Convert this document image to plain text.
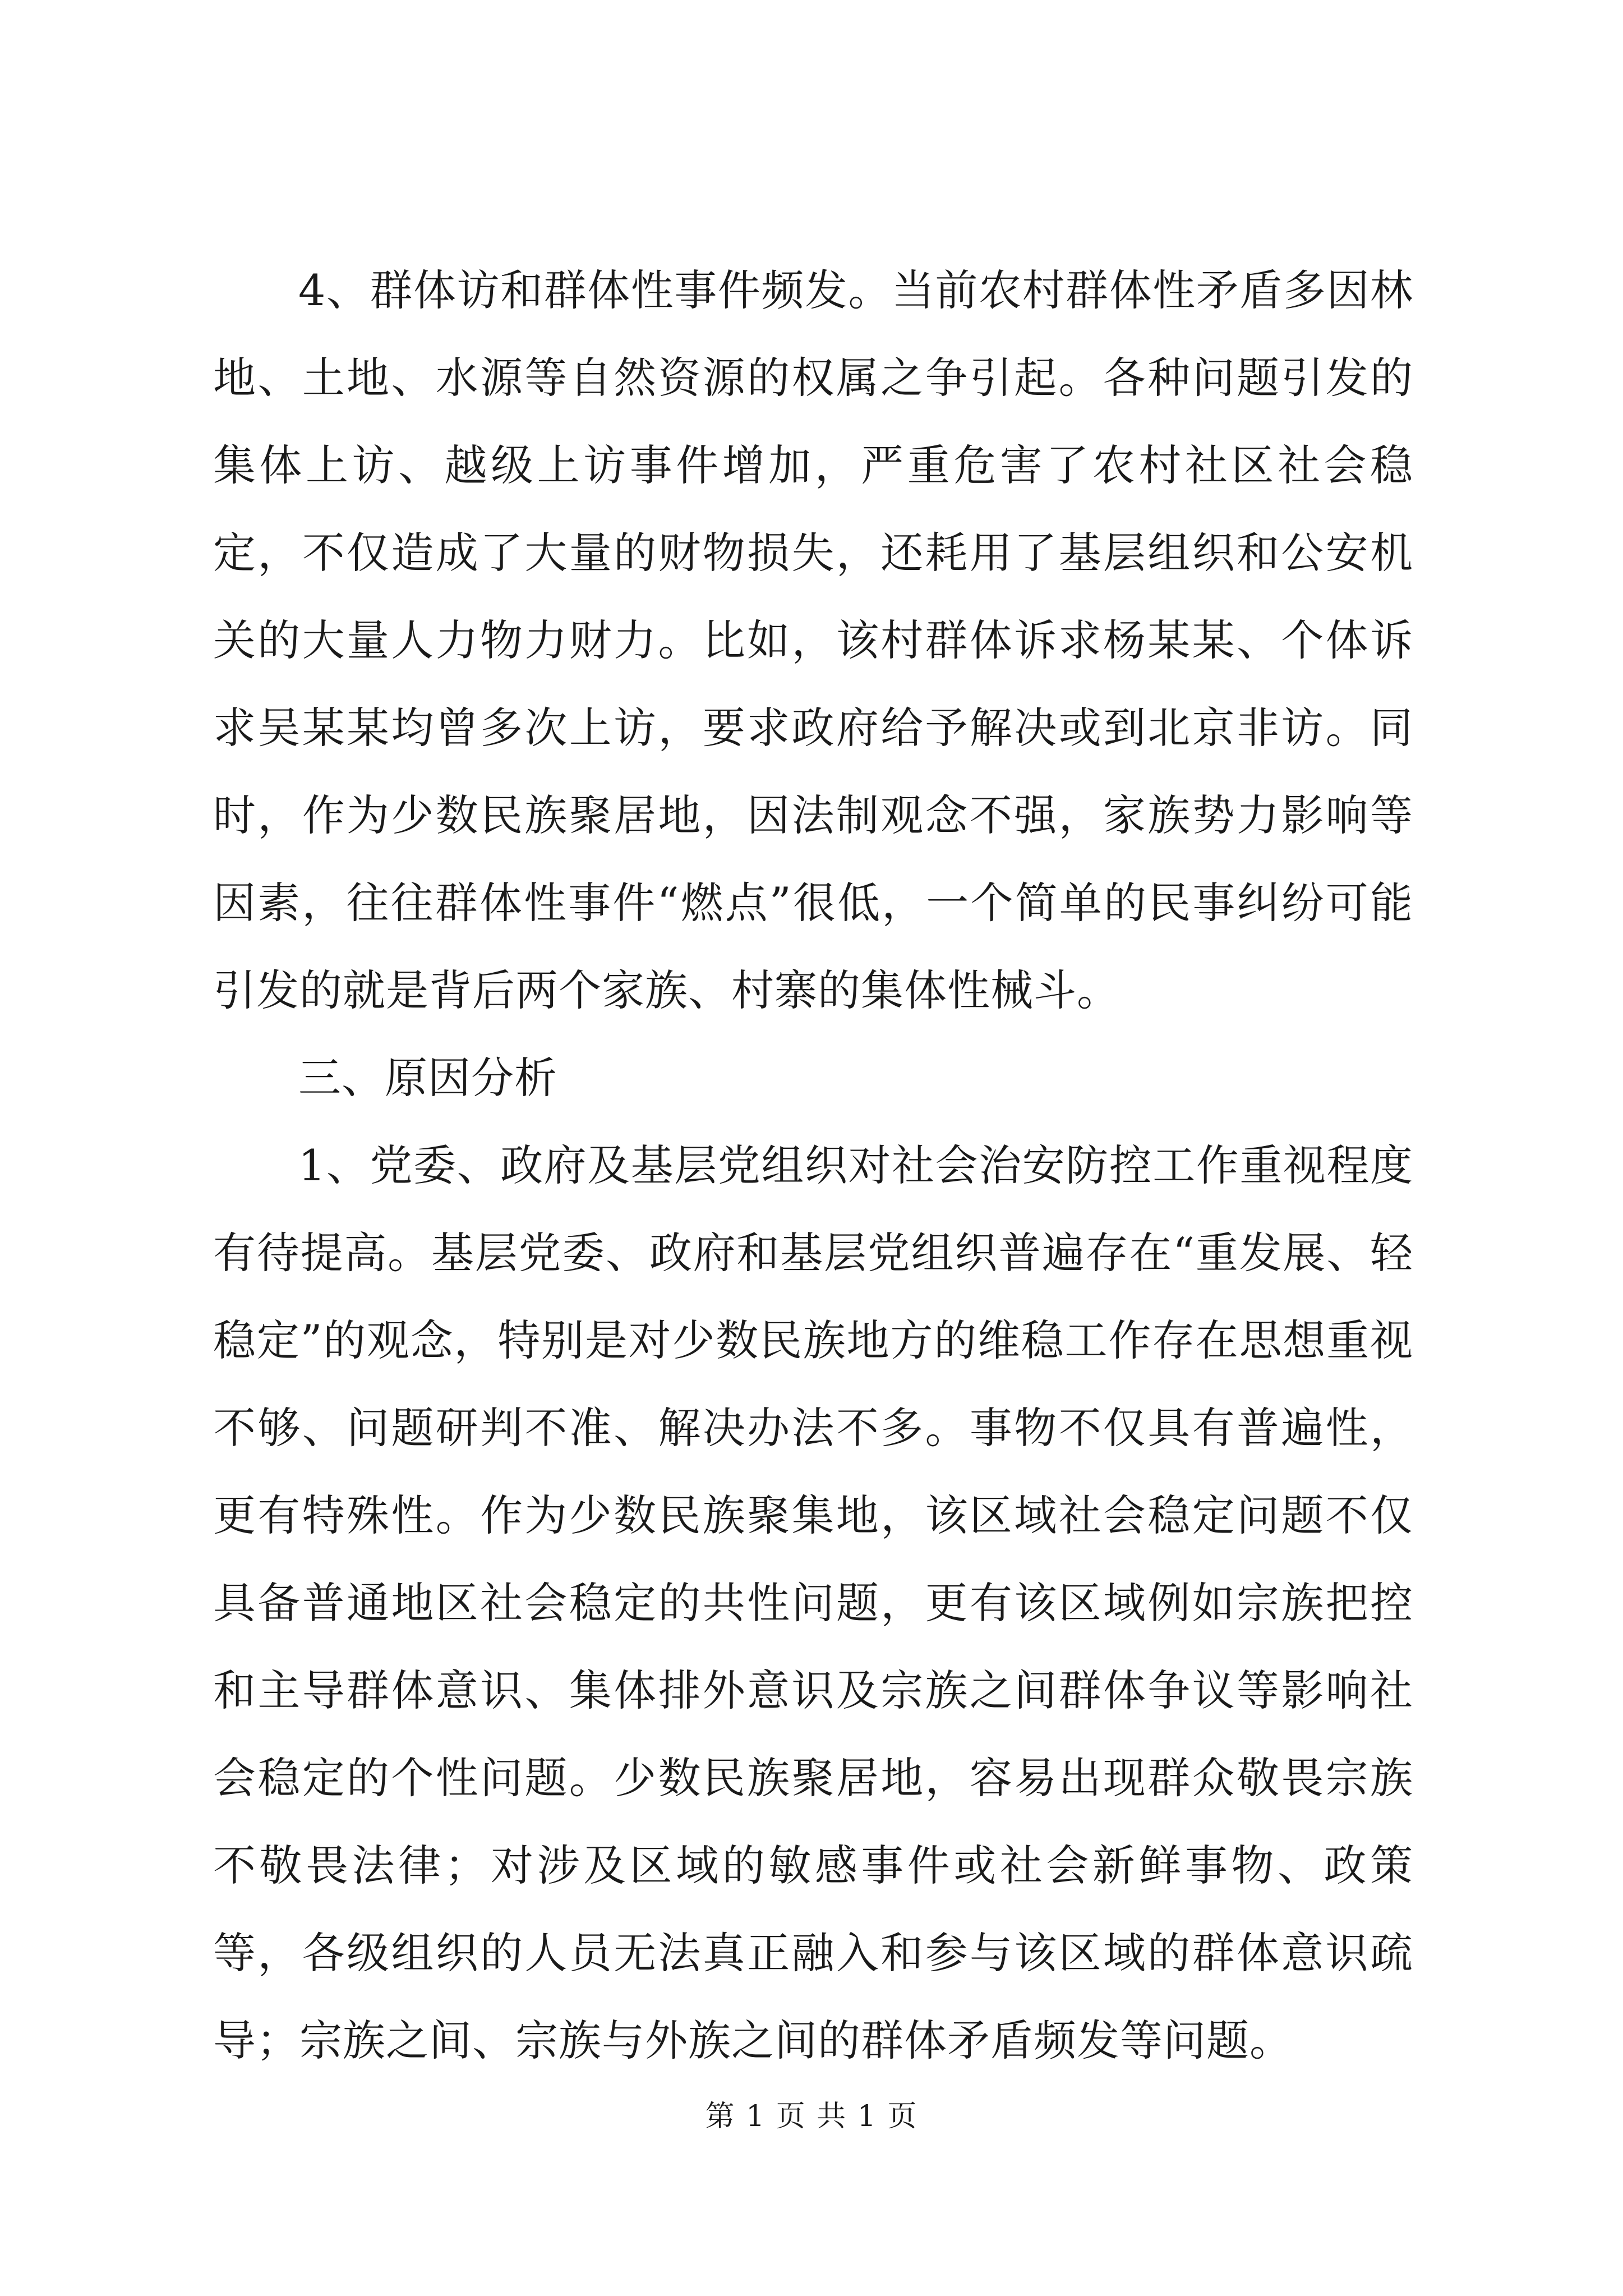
4、群体访和群体性事件频发。当前农村群体性矛盾多因林地、土地、水源等自然资源的权属之争引起。各种问题引发的集体上访、越级上访事件增加，严重危害了农村社区社会稳定，不仅造成了大量的财物损失，还耗用了基层组织和公安机关的大量人力物力财力。比如，该村群体诉求杨某某、个体诉求吴某某均曾多次上访，要求政府给予解决或到北京非访。同时，作为少数民族聚居地，因法制观念不强，家族势力影响等因素，往往群体性事件“燃点”很低，一个简单的民事纠纷可能引发的就是背后两个家族、村寨的集体性械斗。

三、原因分析

1、党委、政府及基层党组织对社会治安防控工作重视程度有待提高。基层党委、政府和基层党组织普遍存在“重发展、轻稳定”的观念，特别是对少数民族地方的维稳工作存在思想重视不够、问题研判不准、解决办法不多。事物不仅具有普遍性，更有特殊性。作为少数民族聚集地，该区域社会稳定问题不仅具备普通地区社会稳定的共性问题，更有该区域例如宗族把控和主导群体意识、集体排外意识及宗族之间群体争议等影响社会稳定的个性问题。少数民族聚居地，容易出现群众敬畏宗族不敬畏法律；对涉及区域的敏感事件或社会新鲜事物、政策等，各级组织的人员无法真正融入和参与该区域的群体意识疏导；宗族之间、宗族与外族之间的群体矛盾频发等问题。

第 1 页 共 1 页
